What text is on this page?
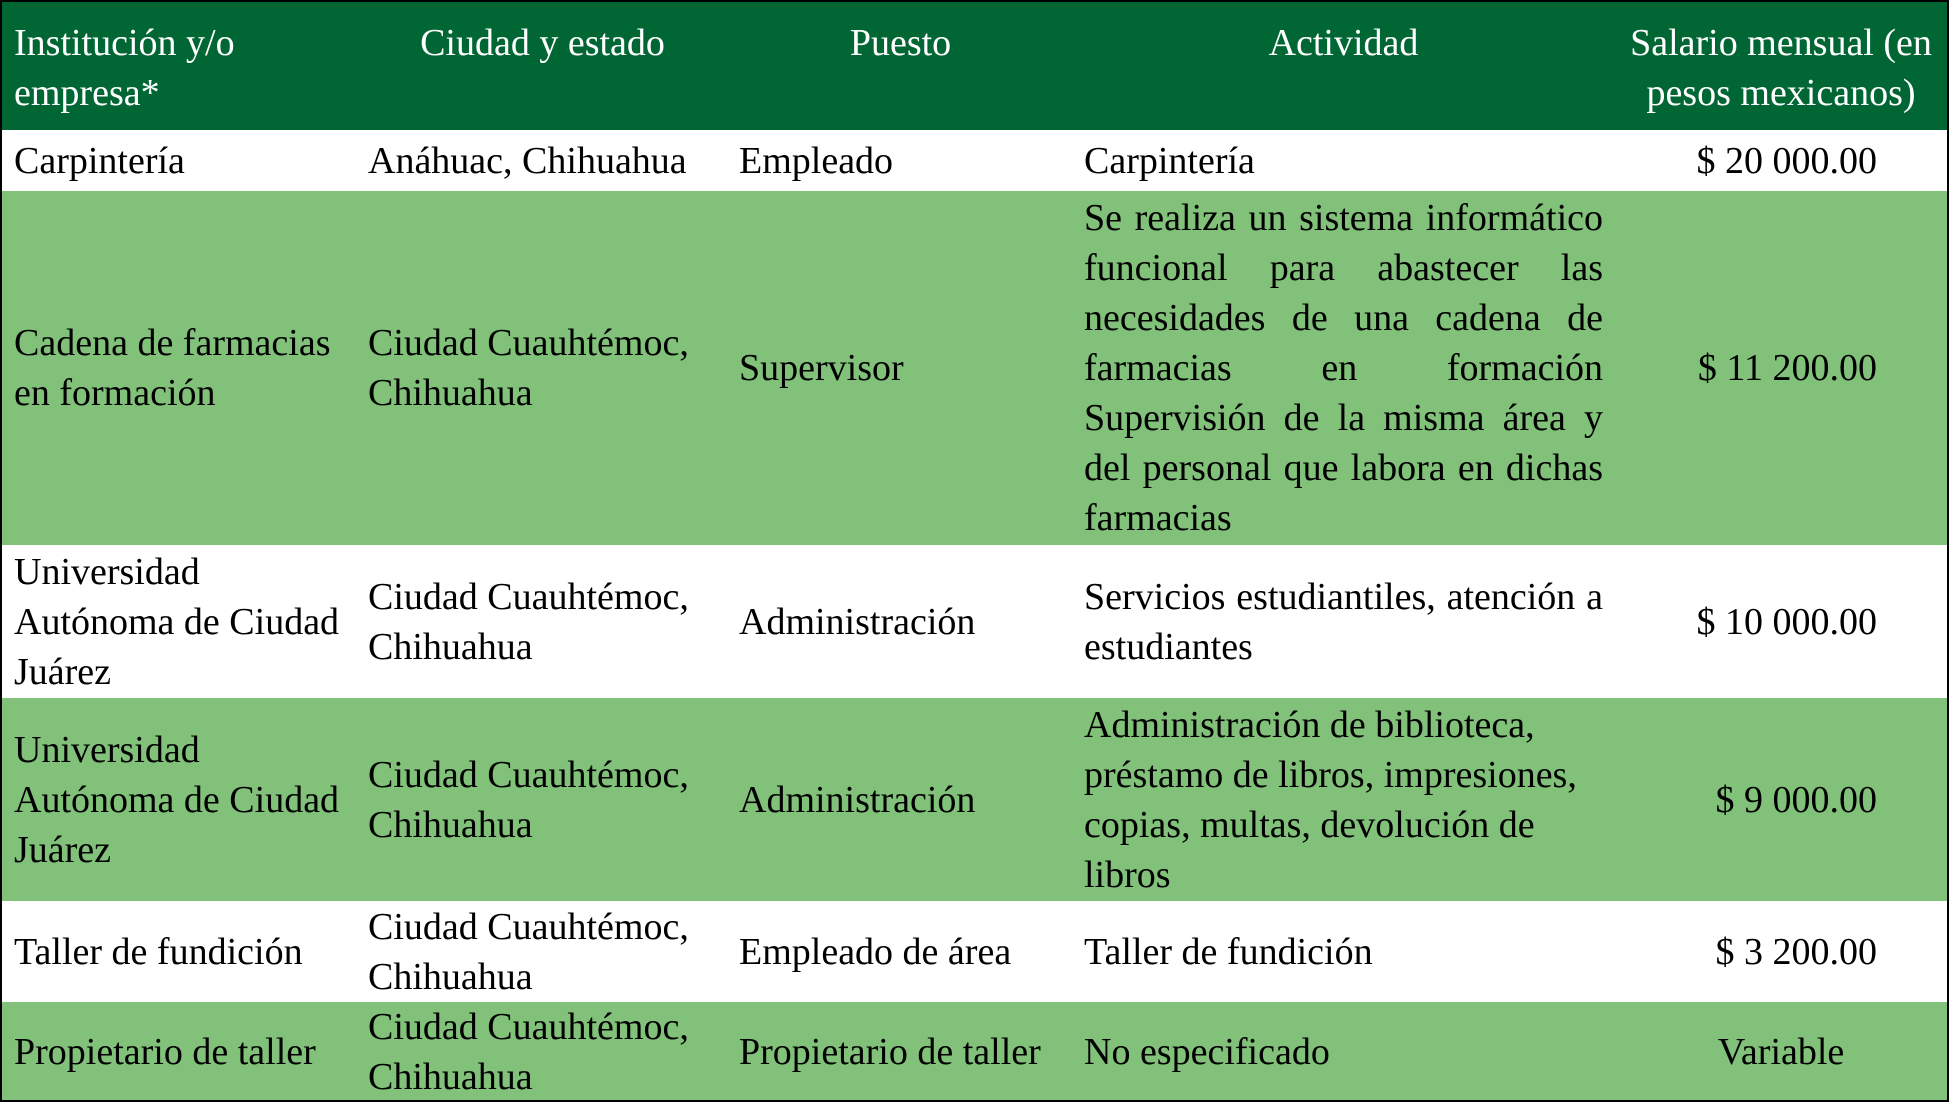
Institución y/o empresa*	Ciudad y estado	Puesto	Actividad	Salario mensual (en pesos mexicanos)
Carpintería	Anáhuac, Chihuahua	Empleado	Carpintería	$ 20 000.00
Cadena de farmacias en formación	Ciudad Cuauhtémoc, Chihuahua	Supervisor	Se realiza un sistema informático funcional para abastecer las necesidades de una cadena de farmacias en formación Supervisión de la misma área y del personal que labora en dichas farmacias	$ 11 200.00
Universidad Autónoma de Ciudad Juárez	Ciudad Cuauhtémoc, Chihuahua	Administración	Servicios estudiantiles, atención a estudiantes	$ 10 000.00
Universidad Autónoma de Ciudad Juárez	Ciudad Cuauhtémoc, Chihuahua	Administración	Administración de biblioteca, préstamo de libros, impresiones, copias, multas, devolución de libros	$ 9 000.00
Taller de fundición	Ciudad Cuauhtémoc, Chihuahua	Empleado de área	Taller de fundición	$ 3 200.00
Propietario de taller	Ciudad Cuauhtémoc, Chihuahua	Propietario de taller	No especificado	Variable
